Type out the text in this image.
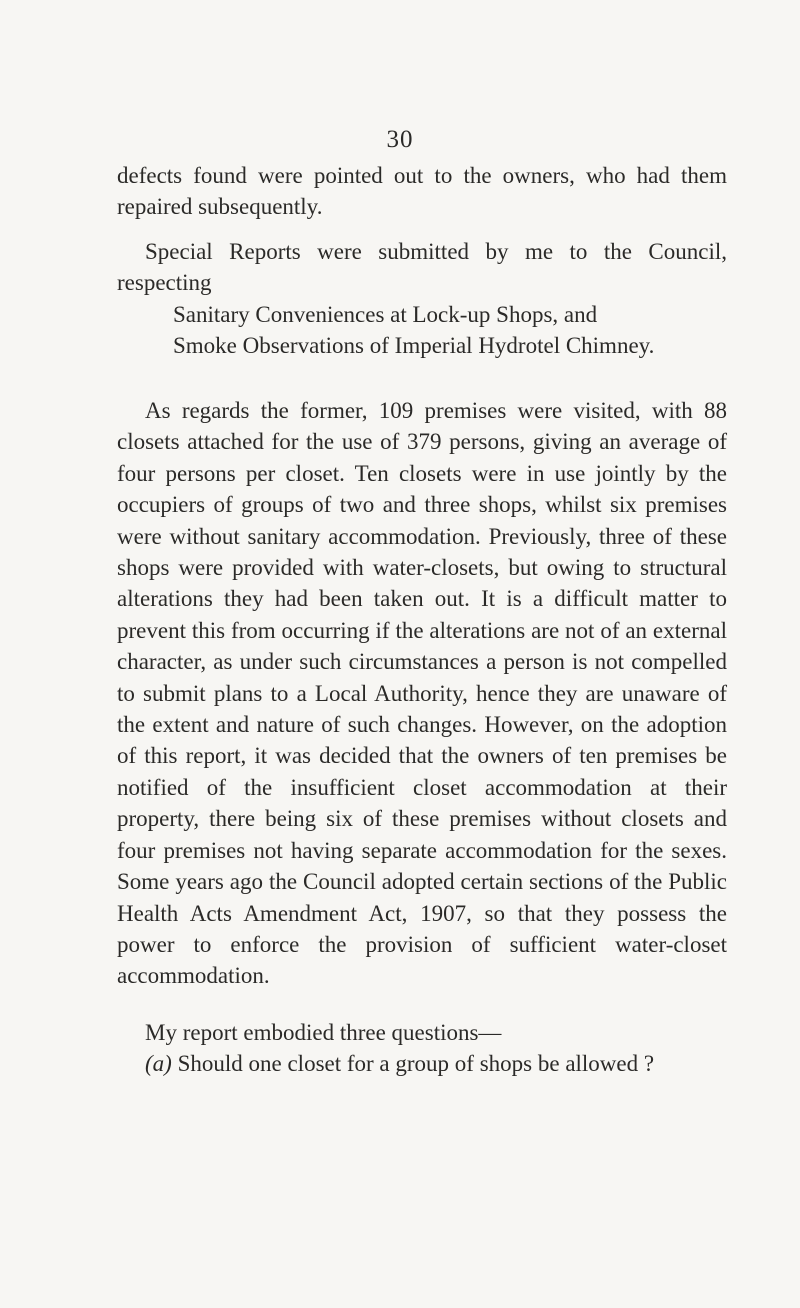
30
defects found were pointed out to the owners, who had them repaired subsequently.
Special Reports were submitted by me to the Council, respecting
Sanitary Conveniences at Lock-up Shops, and
Smoke Observations of Imperial Hydrotel Chimney.
As regards the former, 109 premises were visited, with 88 closets attached for the use of 379 persons, giving an average of four persons per closet. Ten closets were in use jointly by the occupiers of groups of two and three shops, whilst six premises were without sanitary accommodation. Previously, three of these shops were provided with water-closets, but owing to structural alterations they had been taken out. It is a difficult matter to prevent this from occurring if the alterations are not of an external character, as under such circumstances a person is not compelled to submit plans to a Local Authority, hence they are unaware of the extent and nature of such changes. However, on the adoption of this report, it was decided that the owners of ten premises be notified of the insufficient closet accommodation at their property, there being six of these premises without closets and four premises not having separate accommodation for the sexes. Some years ago the Council adopted certain sections of the Public Health Acts Amendment Act, 1907, so that they possess the power to enforce the provision of sufficient water-closet accommodation.
My report embodied three questions—
(a) Should one closet for a group of shops be allowed ?
